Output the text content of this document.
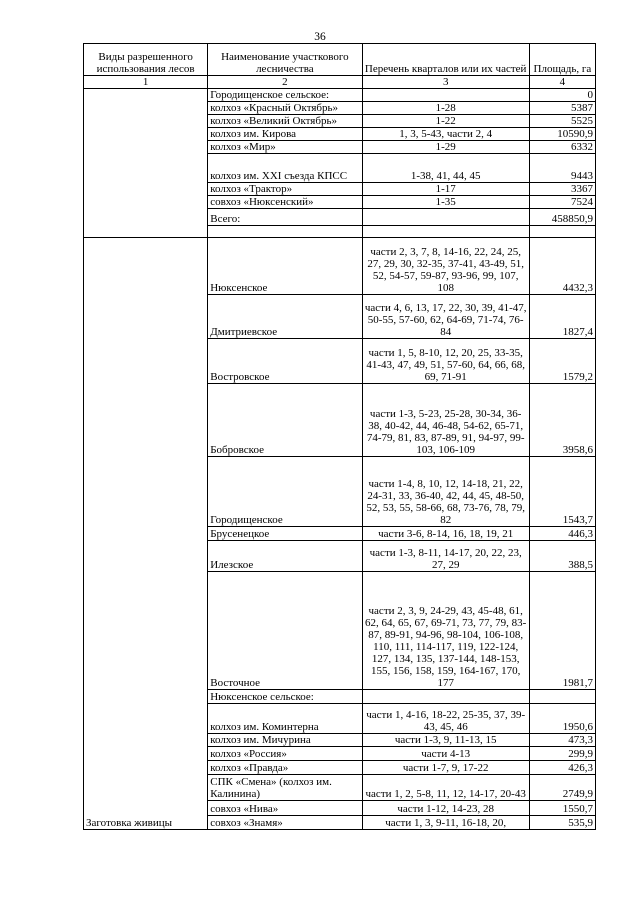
36
Виды разрешенного использования лесов	Наименование участкового лесничества	Перечень кварталов или их частей	Площадь, га
1	2	3	4
	Городищенское сельское:		0
	колхоз «Красный Октябрь»	1-28	5387
	колхоз «Великий Октябрь»	1-22	5525
	колхоз им. Кирова	1, 3, 5-43, части 2, 4	10590,9
	колхоз «Мир»	1-29	6332
	колхоз им. XXI съезда КПСС	1-38, 41, 44, 45	9443
	колхоз «Трактор»	1-17	3367
	совхоз «Нюксенский»	1-35	7524
	Всего:		458850,9

Заготовка живицы	Нюксенское	части 2, 3, 7, 8, 14-16, 22, 24, 25, 27, 29, 30, 32-35, 37-41, 43-49, 51, 52, 54-57, 59-87, 93-96, 99, 107, 108	4432,3
	Дмитриевское	части 4, 6, 13, 17, 22, 30, 39, 41-47, 50-55, 57-60, 62, 64-69, 71-74, 76-84	1827,4
	Востровское	части 1, 5, 8-10, 12, 20, 25, 33-35, 41-43, 47, 49, 51, 57-60, 64, 66, 68, 69, 71-91	1579,2
	Бобровское	части 1-3, 5-23, 25-28, 30-34, 36-38, 40-42, 44, 46-48, 54-62, 65-71, 74-79, 81, 83, 87-89, 91, 94-97, 99-103, 106-109	3958,6
	Городищенское	части 1-4, 8, 10, 12, 14-18, 21, 22, 24-31, 33, 36-40, 42, 44, 45, 48-50, 52, 53, 55, 58-66, 68, 73-76, 78, 79, 82	1543,7
	Брусенецкое	части 3-6, 8-14, 16, 18, 19, 21	446,3
	Илезское	части 1-3, 8-11, 14-17, 20, 22, 23, 27, 29	388,5
	Восточное	части 2, 3, 9, 24-29, 43, 45-48, 61, 62, 64, 65, 67, 69-71, 73, 77, 79, 83-87, 89-91, 94-96, 98-104, 106-108, 110, 111, 114-117, 119, 122-124, 127, 134, 135, 137-144, 148-153, 155, 156, 158, 159, 164-167, 170, 177	1981,7
	Нюксенское сельское:		
	колхоз им. Коминтерна	части 1, 4-16, 18-22, 25-35, 37, 39-43, 45, 46	1950,6
	колхоз им. Мичурина	части 1-3, 9, 11-13, 15	473,3
	колхоз «Россия»	части 4-13	299,9
	колхоз «Правда»	части 1-7, 9, 17-22	426,3
	СПК «Смена» (колхоз им. Калинина)	части 1, 2, 5-8, 11, 12, 14-17, 20-43	2749,9
	совхоз «Нива»	части 1-12, 14-23, 28	1550,7
	совхоз «Знамя»	части 1, 3, 9-11, 16-18, 20,	535,9
